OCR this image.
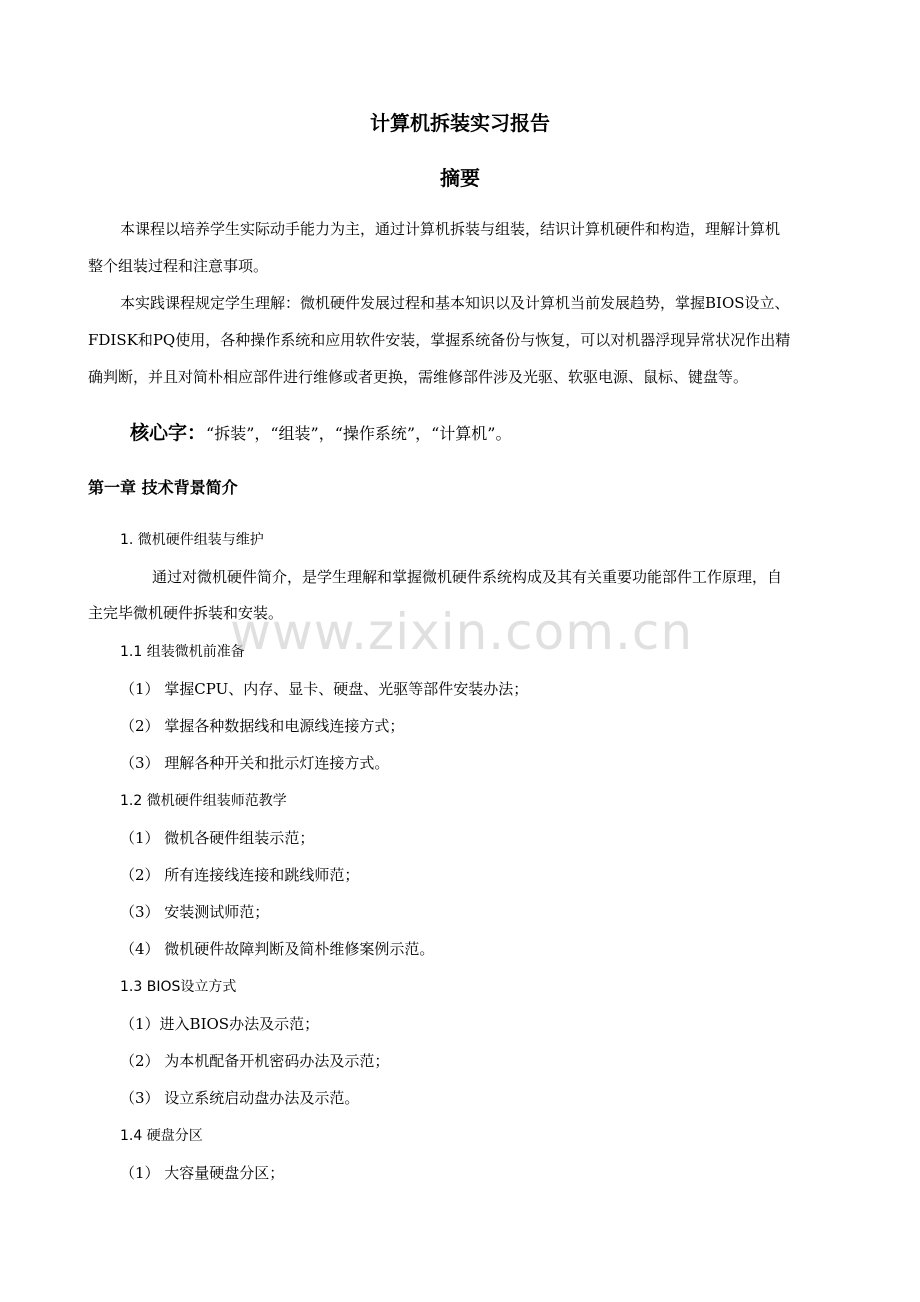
计算机拆装实习报告
摘要
本课程以培养学生实际动手能力为主，通过计算机拆装与组装，结识计算机硬件和构造，理解计算机
整个组装过程和注意事项。
本实践课程规定学生理解：微机硬件发展过程和基本知识以及计算机当前发展趋势，掌握BIOS设立、
FDISK和PQ使用，各种操作系统和应用软件安装，掌握系统备份与恢复，可以对机器浮现异常状况作出精
确判断，并且对简朴相应部件进行维修或者更换，需维修部件涉及光驱、软驱电源、鼠标、键盘等。
核心字：“拆装”，“组装”，“操作系统”，“计算机”。
第一章 技术背景简介
1. 微机硬件组装与维护
通过对微机硬件简介，是学生理解和掌握微机硬件系统构成及其有关重要功能部件工作原理，自
主完毕微机硬件拆装和安装。
1.1 组装微机前准备
（1） 掌握CPU、内存、显卡、硬盘、光驱等部件安装办法；
（2） 掌握各种数据线和电源线连接方式；
（3） 理解各种开关和批示灯连接方式。
1.2 微机硬件组装师范教学
（1） 微机各硬件组装示范；
（2） 所有连接线连接和跳线师范；
（3） 安装测试师范；
（4） 微机硬件故障判断及简朴维修案例示范。
1.3 BIOS设立方式
（1）进入BIOS办法及示范；
（2） 为本机配备开机密码办法及示范；
（3） 设立系统启动盘办法及示范。
1.4 硬盘分区
（1） 大容量硬盘分区；
www.zixin.com.cn
